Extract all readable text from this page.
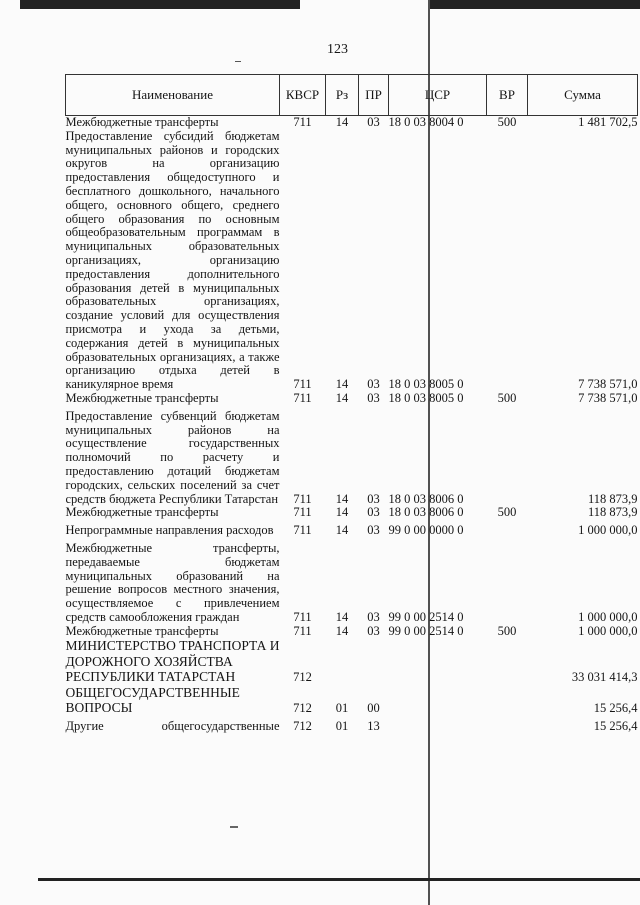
123
Наименование	КВСР	Рз	ПР	ЦСР	ВР	Сумма
Межбюджетные трансферты	711	14	03	18 0 03 8004 0	500	1 481 702,5
Предоставление субсидий бюджетам муниципальных районов и городских округов на организацию предоставления общедоступного и бесплатного дошкольного, начального общего, основного общего, среднего общего образования по основным общеобразовательным программам в муниципальных образовательных организациях, организацию предоставления дополнительного образования детей в муниципальных образовательных организациях, создание условий для осуществления присмотра и ухода за детьми, содержания детей в муниципальных образовательных организациях, а также организацию отдыха детей в каникулярное время	711	14	03	18 0 03 8005 0		7 738 571,0
Межбюджетные трансферты	711	14	03	18 0 03 8005 0	500	7 738 571,0

Предоставление субвенций бюджетам муниципальных районов на осуществление государственных полномочий по расчету и предоставлению дотаций бюджетам городских, сельских поселений за счет средств бюджета Республики Татарстан	711	14	03	18 0 03 8006 0		118 873,9
Межбюджетные трансферты	711	14	03	18 0 03 8006 0	500	118 873,9

Непрограммные направления расходов	711	14	03	99 0 00 0000 0		1 000 000,0

Межбюджетные трансферты, передаваемые бюджетам муниципальных образований на решение вопросов местного значения, осуществляемое с привлечением средств самообложения граждан	711	14	03	99 0 00 2514 0		1 000 000,0
Межбюджетные трансферты	711	14	03	99 0 00 2514 0	500	1 000 000,0
МИНИСТЕРСТВО ТРАНСПОРТА И ДОРОЖНОГО ХОЗЯЙСТВА РЕСПУБЛИКИ ТАТАРСТАН	712					33 031 414,3
ОБЩЕГОСУДАРСТВЕННЫЕ ВОПРОСЫ	712	01	00			15 256,4

Другие общегосударственные	712	01	13			15 256,4
